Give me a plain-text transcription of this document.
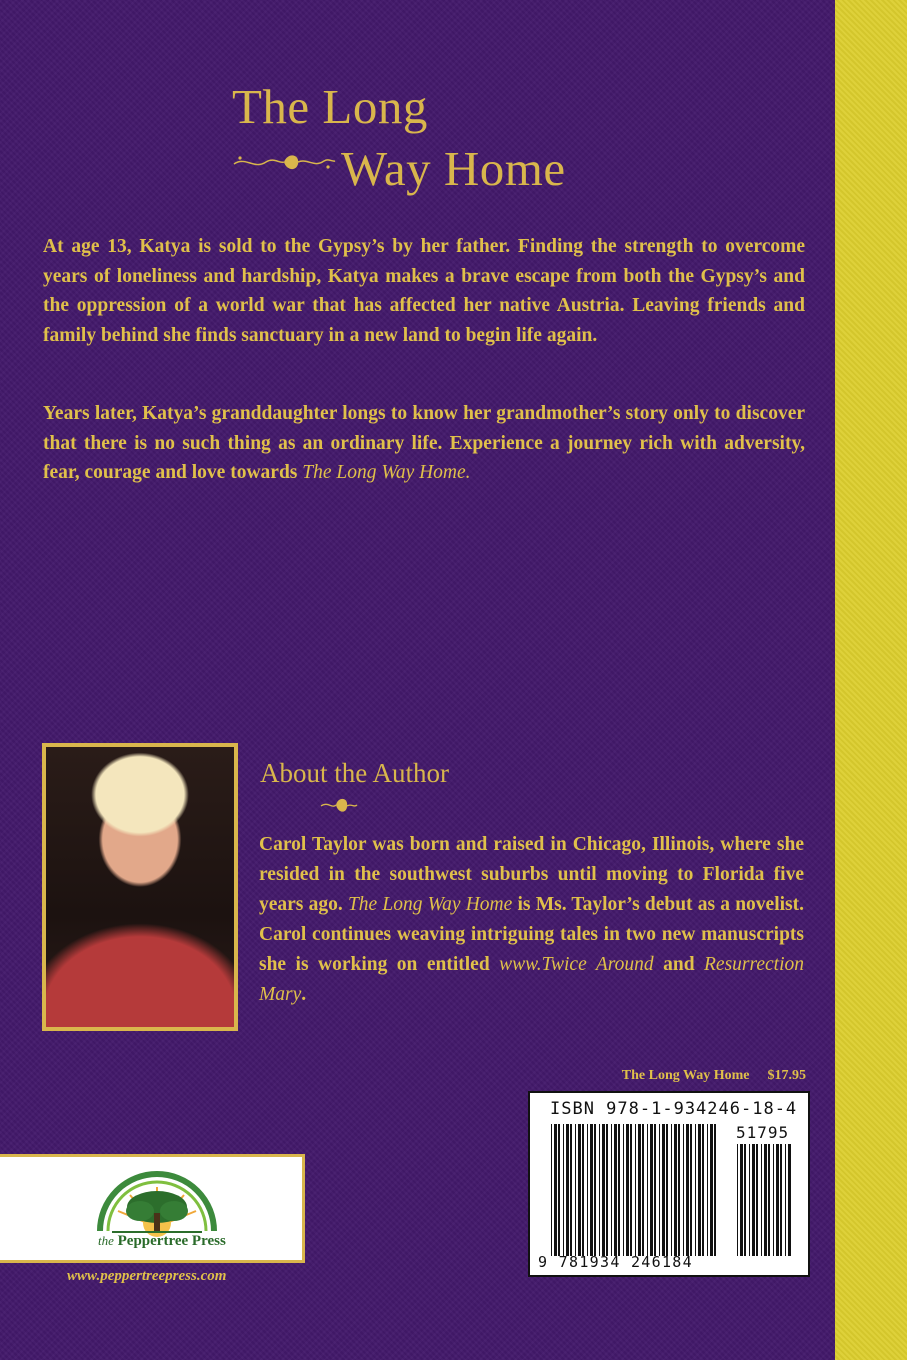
The Long
Way Home

At age 13, Katya is sold to the Gypsy’s by her father. Finding the strength to overcome years of loneliness and hardship, Katya makes a brave escape from both the Gypsy’s and the oppression of a world war that has affected her native Austria. Leaving friends and family behind she finds sanctuary in a new land to begin life again.

Years later, Katya’s granddaughter longs to know her grandmother’s story only to discover that there is no such thing as an ordinary life. Experience a journey rich with adversity, fear, courage and love towards The Long Way Home.

About the Author

Carol Taylor was born and raised in Chicago, Illinois, where she resided in the southwest suburbs until moving to Florida five years ago. The Long Way Home is Ms. Taylor’s debut as a novelist. Carol continues weaving intriguing tales in two new manuscripts she is working on entitled www.Twice Around and Resurrection Mary.

The Long Way Home $17.95
ISBN 978-1-934246-18-4
51795
9 781934 246184
the Peppertree Press
www.peppertreepress.com
